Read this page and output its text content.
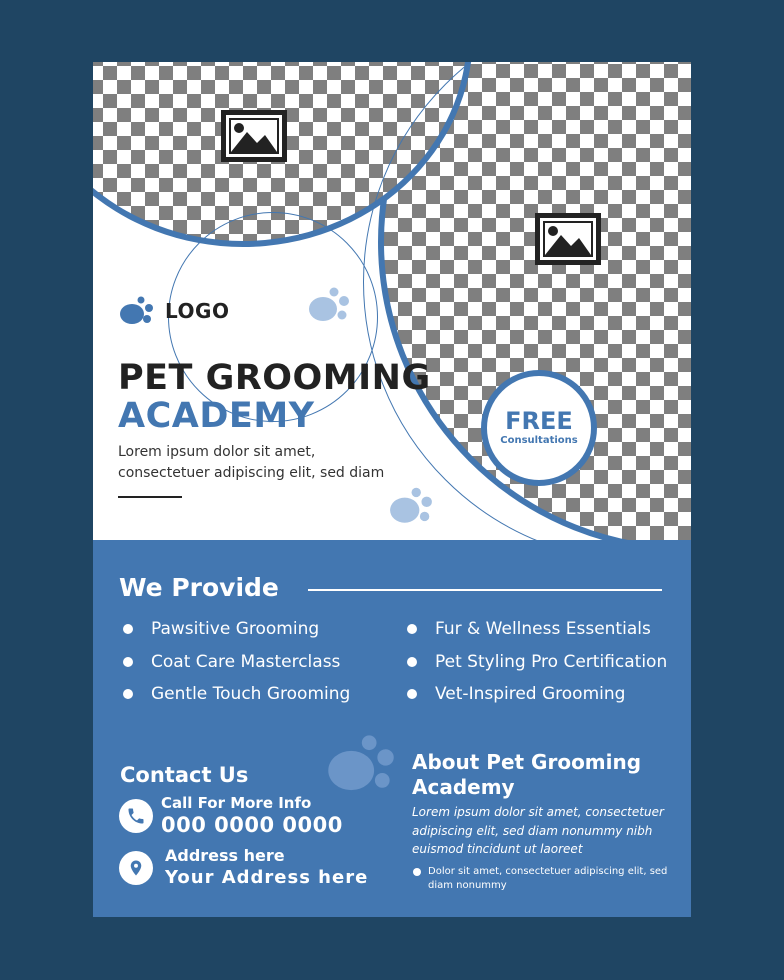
LOGO
PET GROOMING
ACADEMY

Lorem ipsum dolor sit amet, consectetuer adipiscing elit, sed diam

FREE
Consultations
We Provide
Pawsitive Grooming
Coat Care Masterclass
Gentle Touch Grooming
Fur & Wellness Essentials
Pet Styling Pro Certification
Vet-Inspired Grooming
Contact Us
Call For More Info
000 0000 0000
Address here
Your Address here
About Pet Grooming Academy

Lorem ipsum dolor sit amet, consectetuer adipiscing elit, sed diam nonummy nibh euismod tincidunt ut laoreet

Dolor sit amet, consectetuer adipiscing elit, sed diam nonummy
